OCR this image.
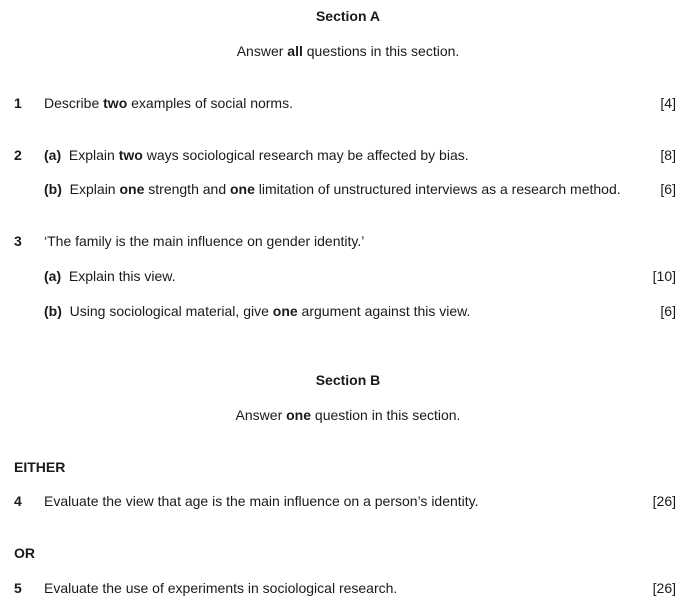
Section A
Answer all questions in this section.
1 Describe two examples of social norms.	[4]
2 (a) Explain two ways sociological research may be affected by bias.	[8]
(b) Explain one strength and one limitation of unstructured interviews as a research method.	[6]
3 ‘The family is the main influence on gender identity.’
(a) Explain this view.	[10]
(b) Using sociological material, give one argument against this view.	[6]
Section B
Answer one question in this section.
EITHER
4 Evaluate the view that age is the main influence on a person’s identity.	[26]
OR
5 Evaluate the use of experiments in sociological research.	[26]
